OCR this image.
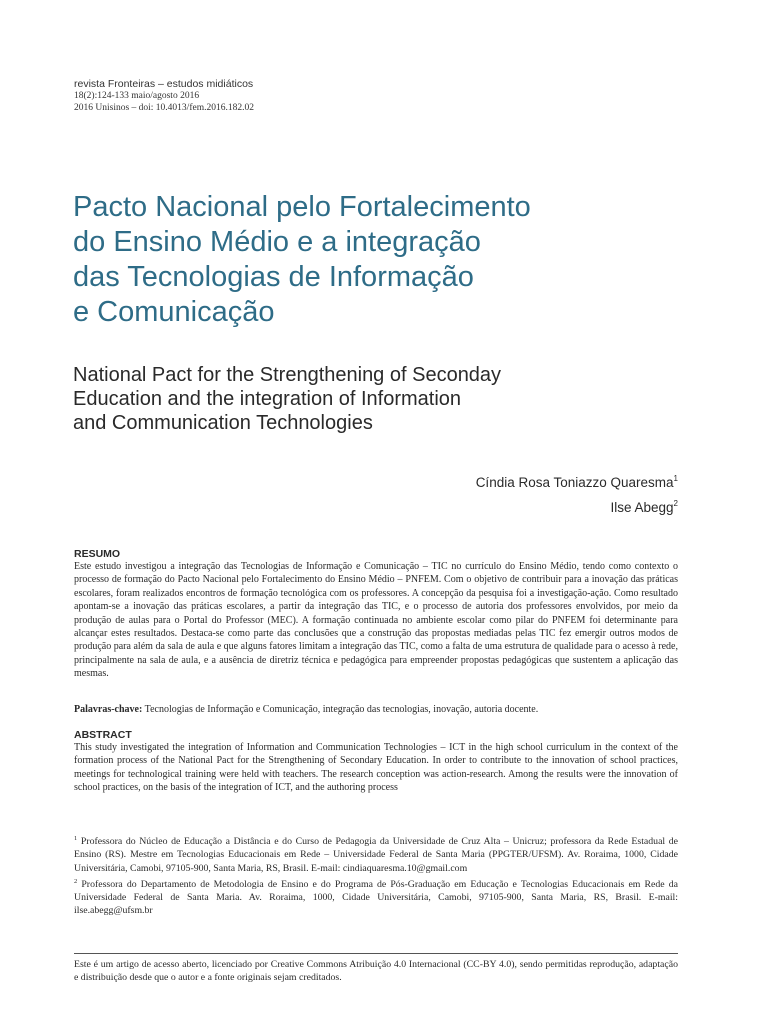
revista Fronteiras – estudos midiáticos
18(2):124-133 maio/agosto 2016
2016 Unisinos – doi: 10.4013/fem.2016.182.02
Pacto Nacional pelo Fortalecimento
do Ensino Médio e a integração
das Tecnologias de Informação
e Comunicação
National Pact for the Strengthening of Seconday
Education and the integration of Information
and Communication Technologies
Cíndia Rosa Toniazzo Quaresma$^1$
Ilse Abegg$^2$

RESUMO

Este estudo investigou a integração das Tecnologias de Informação e Comunicação – TIC no currículo do Ensino Médio, tendo como contexto o processo de formação do Pacto Nacional pelo Fortalecimento do Ensino Médio – PNFEM. Com o objetivo de contribuir para a inovação das práticas escolares, foram realizados encontros de formação tecnológica com os professores. A concepção da pesquisa foi a investigação-ação. Como resultado apontam-se a inovação das práticas escolares, a partir da integração das TIC, e o processo de autoria dos professores envolvidos, por meio da produção de aulas para o Portal do Professor (MEC). A formação continuada no ambiente escolar como pilar do PNFEM foi determinante para alcançar estes resultados. Destaca-se como parte das conclusões que a construção das propostas mediadas pelas TIC fez emergir outros modos de produção para além da sala de aula e que alguns fatores limitam a integração das TIC, como a falta de uma estrutura de qualidade para o acesso à rede, principalmente na sala de aula, e a ausência de diretriz técnica e pedagógica para empreender propostas pedagógicas que sustentem a aplicação das mesmas.

Palavras-chave: Tecnologias de Informação e Comunicação, integração das tecnologias, inovação, autoria docente.

ABSTRACT

This study investigated the integration of Information and Communication Technologies – ICT in the high school curriculum in the context of the formation process of the National Pact for the Strengthening of Secondary Education. In order to contribute to the innovation of school practices, meetings for technological training were held with teachers. The research conception was action-research. Among the results were the innovation of school practices, on the basis of the integration of ICT, and the authoring process

$^1$ Professora do Núcleo de Educação a Distância e do Curso de Pedagogia da Universidade de Cruz Alta – Unicruz; professora da Rede Estadual de Ensino (RS). Mestre em Tecnologias Educacionais em Rede – Universidade Federal de Santa Maria (PPGTER/UFSM). Av. Roraima, 1000, Cidade Universitária, Camobi, 97105-900, Santa Maria, RS, Brasil. E-mail: cindiaquaresma.10@gmail.com

$^2$ Professora do Departamento de Metodologia de Ensino e do Programa de Pós-Graduação em Educação e Tecnologias Educacionais em Rede da Universidade Federal de Santa Maria. Av. Roraima, 1000, Cidade Universitária, Camobi, 97105-900, Santa Maria, RS, Brasil. E-mail: ilse.abegg@ufsm.br

Este é um artigo de acesso aberto, licenciado por Creative Commons Atribuição 4.0 Internacional (CC-BY 4.0), sendo permitidas reprodução, adaptação e distribuição desde que o autor e a fonte originais sejam creditados.
